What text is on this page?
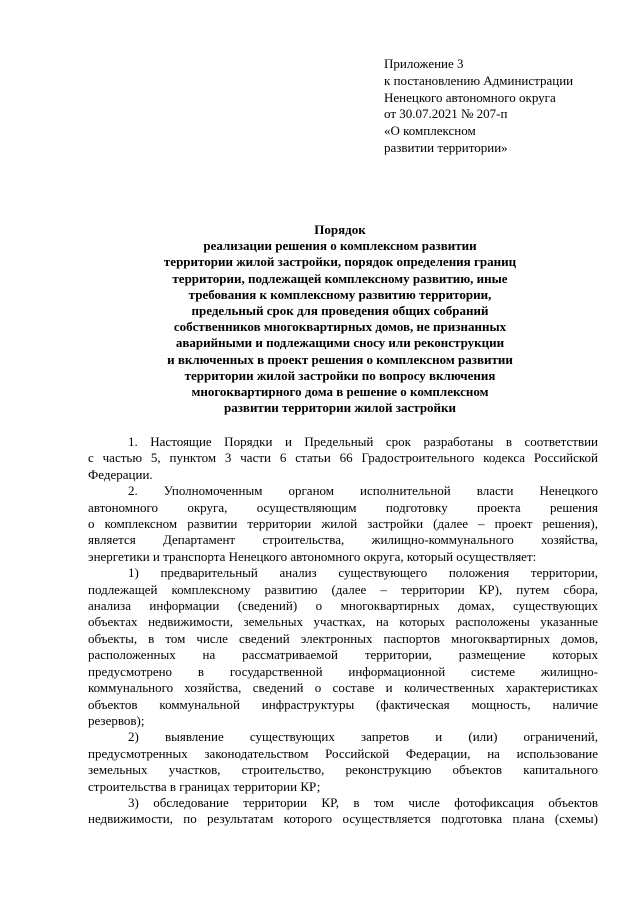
Приложение 3
к постановлению Администрации
Ненецкого автономного округа
от 30.07.2021 № 207-п
«О комплексном
развитии территории»
Порядок
реализации решения о комплексном развитии
территории жилой застройки, порядок определения границ
территории, подлежащей комплексному развитию, иные
требования к комплексному развитию территории,
предельный срок для проведения общих собраний
собственников многоквартирных домов, не признанных
аварийными и подлежащими сносу или реконструкции
и включенных в проект решения о комплексном развитии
территории жилой застройки по вопросу включения
многоквартирного дома в решение о комплексном
развитии территории жилой застройки
1. Настоящие Порядки и Предельный срок разработаны в соответствии
с частью 5, пунктом 3 части 6 статьи 66 Градостроительного кодекса Российской
Федерации.
2. Уполномоченным органом исполнительной власти Ненецкого
автономного округа, осуществляющим подготовку проекта решения
о комплексном развитии территории жилой застройки (далее – проект решения),
является Департамент строительства, жилищно-коммунального хозяйства,
энергетики и транспорта Ненецкого автономного округа, который осуществляет:
1) предварительный анализ существующего положения территории,
подлежащей комплексному развитию (далее – территории КР), путем сбора,
анализа информации (сведений) о многоквартирных домах, существующих
объектах недвижимости, земельных участках, на которых расположены указанные
объекты, в том числе сведений электронных паспортов многоквартирных домов,
расположенных на рассматриваемой территории, размещение которых
предусмотрено в государственной информационной системе жилищно-
коммунального хозяйства, сведений о составе и количественных характеристиках
объектов коммунальной инфраструктуры (фактическая мощность, наличие
резервов);
2) выявление существующих запретов и (или) ограничений,
предусмотренных законодательством Российской Федерации, на использование
земельных участков, строительство, реконструкцию объектов капитального
строительства в границах территории КР;
3) обследование территории КР, в том числе фотофиксация объектов
недвижимости, по результатам которого осуществляется подготовка плана (схемы)
